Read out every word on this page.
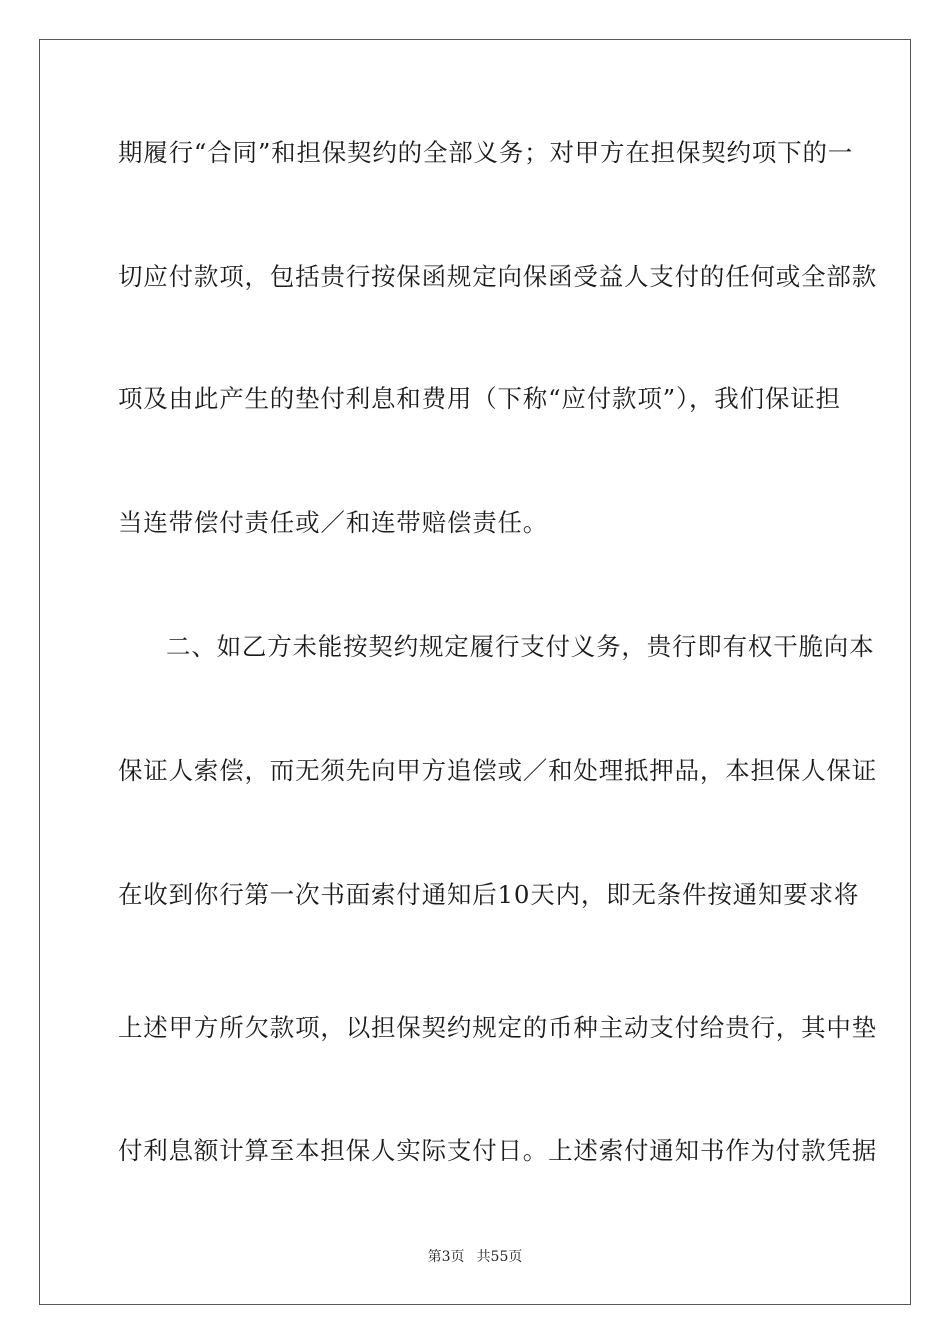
期履行“合同”和担保契约的全部义务；对甲方在担保契约项下的一
切应付款项，包括贵行按保函规定向保函受益人支付的任何或全部款
项及由此产生的垫付利息和费用（下称“应付款项”），我们保证担
当连带偿付责任或／和连带赔偿责任。
二、如乙方未能按契约规定履行支付义务，贵行即有权干脆向本
保证人索偿，而无须先向甲方追偿或／和处理抵押品，本担保人保证
在收到你行第一次书面索付通知后10天内，即无条件按通知要求将
上述甲方所欠款项，以担保契约规定的币种主动支付给贵行，其中垫
付利息额计算至本担保人实际支付日。上述索付通知书作为付款凭据
第3页 共55页
